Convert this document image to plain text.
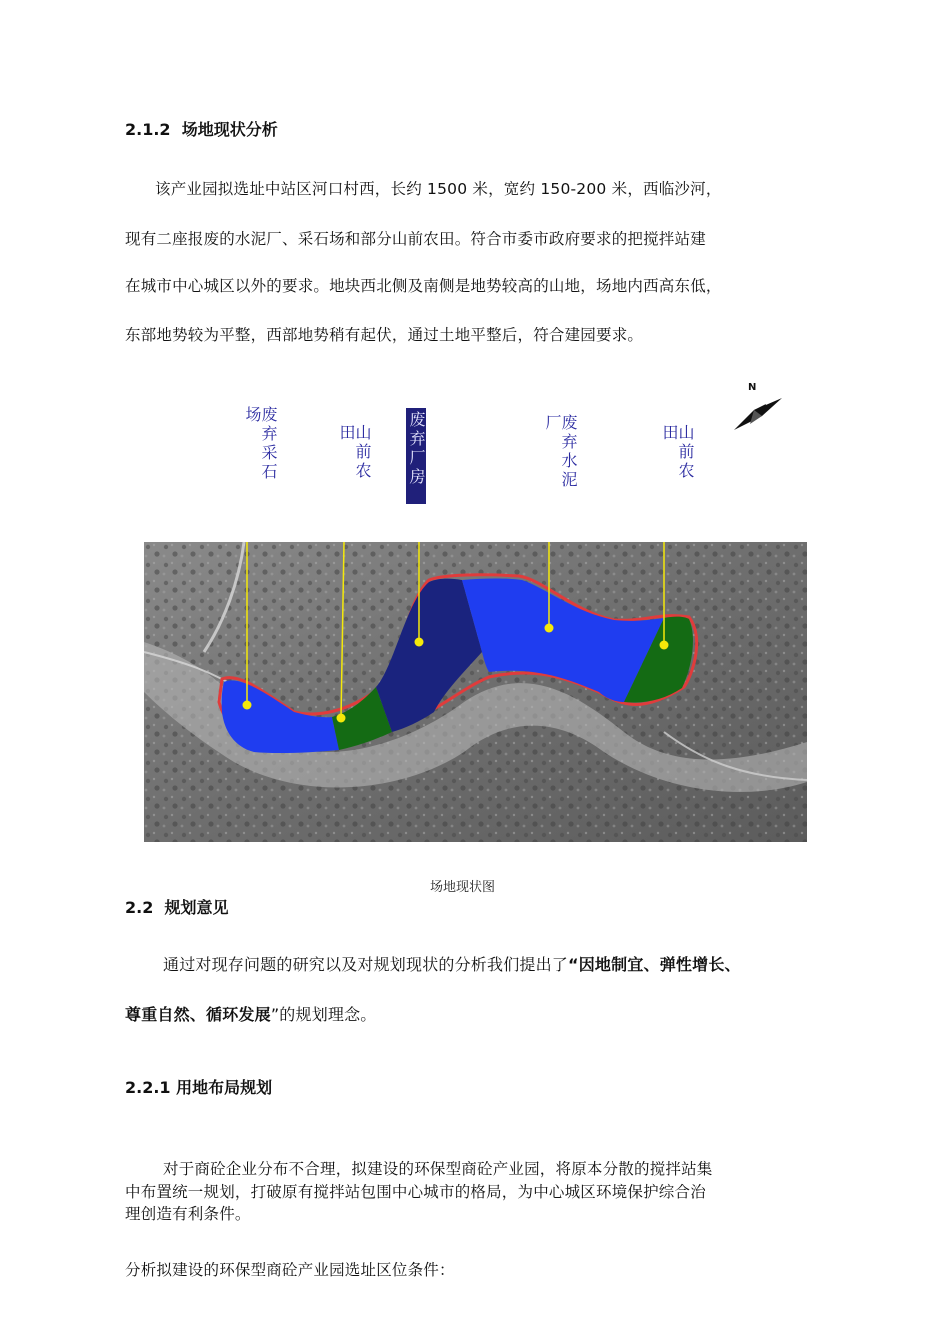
2.1.2 场地现状分析
该产业园拟选址中站区河口村西，长约 1500 米，宽约 150-200 米，西临沙河，
现有二座报废的水泥厂、采石场和部分山前农田。符合市委市政府要求的把搅拌站建
在城市中心城区以外的要求。地块西北侧及南侧是地势较高的山地，场地内西高东低，
东部地势较为平整，西部地势稍有起伏，通过土地平整后，符合建园要求。
废弃采石场
山前农田	废弃厂房	废弃水泥厂
山前农田
N
场地现状图
2.2 规划意见
通过对现存问题的研究以及对规划现状的分析我们提出了“因地制宜、弹性增长、
尊重自然、循环发展”的规划理念。
2.2.1 用地布局规划
对于商砼企业分布不合理，拟建设的环保型商砼产业园，将原本分散的搅拌站集
中布置统一规划，打破原有搅拌站包围中心城市的格局，为中心城区环境保护综合治
理创造有利条件。
分析拟建设的环保型商砼产业园选址区位条件：
